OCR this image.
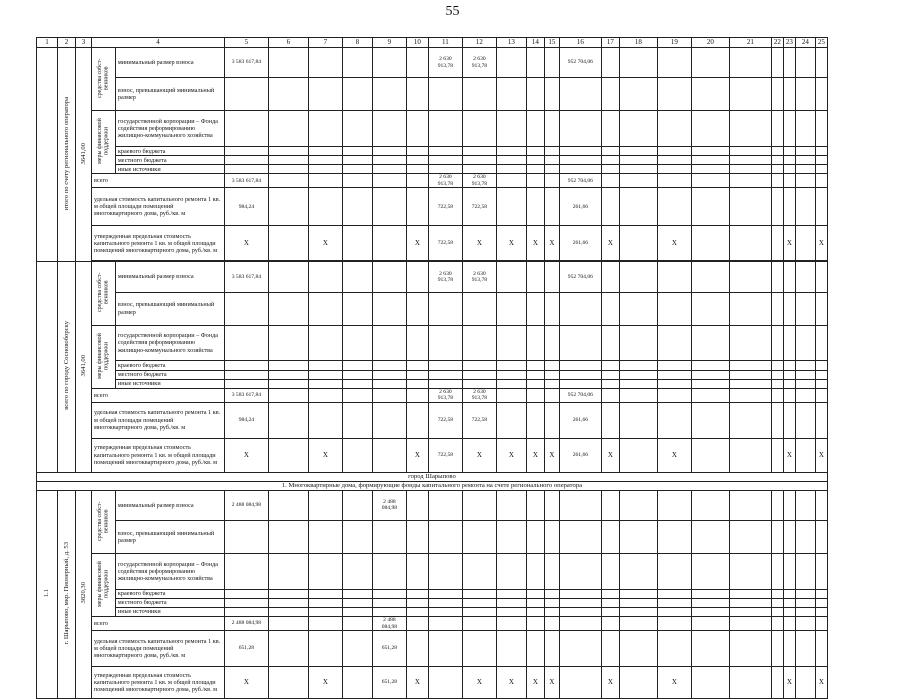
55
1	2	3	4		5	6	7	8	9	10	11	12	13	14	15	16	17	18	19	20	21	22	23	24	25
	итого по счету регионального оператора	3641,00	средства собст-венников	минимальный размер взноса	3 583 617,84						2 630 913,78	2 630 913,78				952 704,06									
				взнос, превышающий минимальный размер																					
			меры финансовой поддержки	государственной корпорации – Фонда содействия реформированию жилищно-коммунального хозяйства																					
				краевого бюджета																					
				местного бюджета																					
				иные источники																					
			всего		3 583 617,84						2 630 913,78	2 630 913,78				952 704,06									
			удельная стоимость капитального ремонта 1 кв. м общей площади помещений многоквартирного дома, руб./кв. м		984,24						722,58	722,58				261,66									
			утвержденная предельная стоимость капитального ремонта 1 кв. м общей площади помещений многоквартирного дома, руб./кв. м		X		X			X	722,58	X	X	X	X	261,66	X		X				X		X

	всего по городу Сосновоборску	3641,00	средства собст-венников	минимальный размер взноса	3 583 617,84						2 630 913,78	2 630 913,78				952 704,06									
				взнос, превышающий минимальный размер																					
			меры финансовой поддержки	государственной корпорации – Фонда содействия реформированию жилищно-коммунального хозяйства																					
				краевого бюджета																					
				местного бюджета																					
				иные источники																					
			всего		3 583 617,84						2 630 913,78	2 630 913,78				952 704,06									
			удельная стоимость капитального ремонта 1 кв. м общей площади помещений многоквартирного дома, руб./кв. м		984,24						722,58	722,58				261,66									
			утвержденная предельная стоимость капитального ремонта 1 кв. м общей площади помещений многоквартирного дома, руб./кв. м		X		X			X	722,58	X	X	X	X	261,66	X		X				X		X
город Шарыпово																									
1. Многоквартирные дома, формирующие фонды капитального ремонта на счете регионального оператора																									
1.1	г. Шарыпово, мкр. Пионерный, д. 53	3820,30	средства собст-венников	минимальный размер взноса	2 488 084,98				2 488 084,98																
				взнос, превышающий минимальный размер																					
			меры финансовой поддержки	государственной корпорации – Фонда содействия реформированию жилищно-коммунального хозяйства																					
				краевого бюджета																					
				местного бюджета																					
				иные источники																					
			всего		2 488 084,98				2 488 084,98																
			удельная стоимость капитального ремонта 1 кв. м общей площади помещений многоквартирного дома, руб./кв. м		651,28				651,28																
			утвержденная предельная стоимость капитального ремонта 1 кв. м общей площади помещений многоквартирного дома, руб./кв. м		X		X		651,28	X		X	X	X	X		X		X				X		X
